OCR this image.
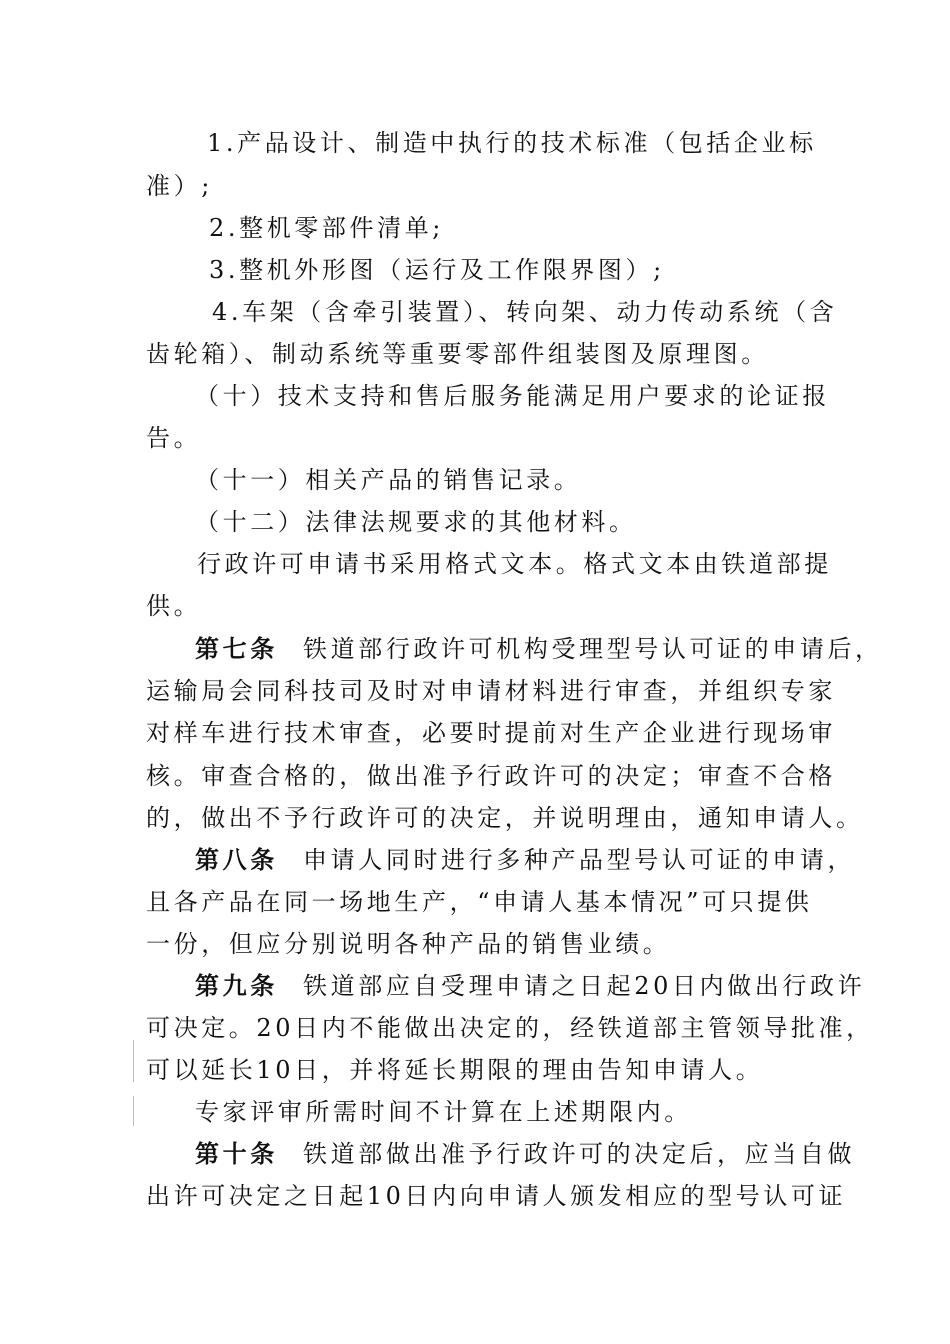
1.产品设计、制造中执行的技术标准（包括企业标
准）;
2.整机零部件清单;
3.整机外形图（运行及工作限界图）;
4.车架（含牵引装置）、转向架、动力传动系统（含
齿轮箱）、制动系统等重要零部件组装图及原理图。
（十）技术支持和售后服务能满足用户要求的论证报
告。
（十一）相关产品的销售记录。
（十二）法律法规要求的其他材料。
行政许可申请书采用格式文本。格式文本由铁道部提
供。
第七条 铁道部行政许可机构受理型号认可证的申请后，
运输局会同科技司及时对申请材料进行审查，并组织专家
对样车进行技术审查，必要时提前对生产企业进行现场审
核。审查合格的，做出准予行政许可的决定；审查不合格
的，做出不予行政许可的决定，并说明理由，通知申请人。
第八条 申请人同时进行多种产品型号认可证的申请，
且各产品在同一场地生产，“申请人基本情况”可只提供
一份，但应分别说明各种产品的销售业绩。
第九条 铁道部应自受理申请之日起20日内做出行政许
可决定。20日内不能做出决定的，经铁道部主管领导批准，
可以延长10日，并将延长期限的理由告知申请人。
专家评审所需时间不计算在上述期限内。
第十条 铁道部做出准予行政许可的决定后，应当自做
出许可决定之日起10日内向申请人颁发相应的型号认可证
